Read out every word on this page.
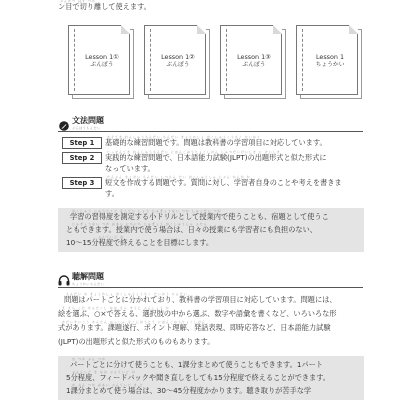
ぶんかつ はず つか
ン目で切り離して使えます。
Lesson 1①
ぶんぽう
Lesson 1②
ぶんぽう
Lesson 1③
ぶんぽう
Lesson 1
ちょうかい
文法問題
ぶんぽうもんだい
Step 1
きそてき れんしゅうもんだい もんだい きょうかしょ がくしゅうこうもく たいおう
基礎的な練習問題です。問題は教科書の学習項目に対応しています。
Step 2
じっせんてき れんしゅうもんだい にほんごのうりょくしけん しゅつだいけいしき に けいしき
実践的な練習問題で、日本語能力試験(JLPT)の出題形式と似た形式に
なっています。
Step 3
たんぶん さくせい もんだい しつもん たい がくしゅうしゃ じぶん かんが か
短文を作成する問題です。質問に対し、学習者自身のことや考えを書きま
す。
がくしゅう しゅうとくど そくてい しょう じゅぎょうない つか しゅくだい つか
学習の習得度を測定する小ドリルとして授業内で使うことも、宿題として使うこ
じゅぎょうない つか ばあい にちにち じゅぎょう がくしゅうしゃ ふたん
ともできます。授業内で使う場合は、日々の授業にも学習者にも負担のない、
ぷんていど お
10～15分程度で終えることを目標にします。
聴解問題
ちょうかいもんだい
もんだい わ きょうかしょ がくしゅうこうもく たいおう もんだい
問題はパートごとに分かれており、教科書の学習項目に対応しています。問題には、
え えら こた せんたくし なか えら すうじ ぶんしょう か
絵を選ぶ、○×で答える、選択肢の中から選ぶ、数字や語彙を書くなど、いろいろな形
かだいすいこう かんたん はっしゃ そくじおうとう にほんごのうりょくしけん
式があります。課題遂行、ポイント理解、発話表現、即時応答など、日本語能力試験
(JLPT)の出題形式と似た形式のものもあります。
わ つか ぷん つか
パートごとに分けて使うことも、1課分まとめて使うこともできます。1パート
ぷんていど き なお ぷんていど お
5分程度、フィードバックや聞き直しをしても15分程度で終えることができます。
か ぶん つか ばあい ぷんていど き と
1課分まとめて使う場合は、30～45分程度かかります。聴き取りが苦手な学
